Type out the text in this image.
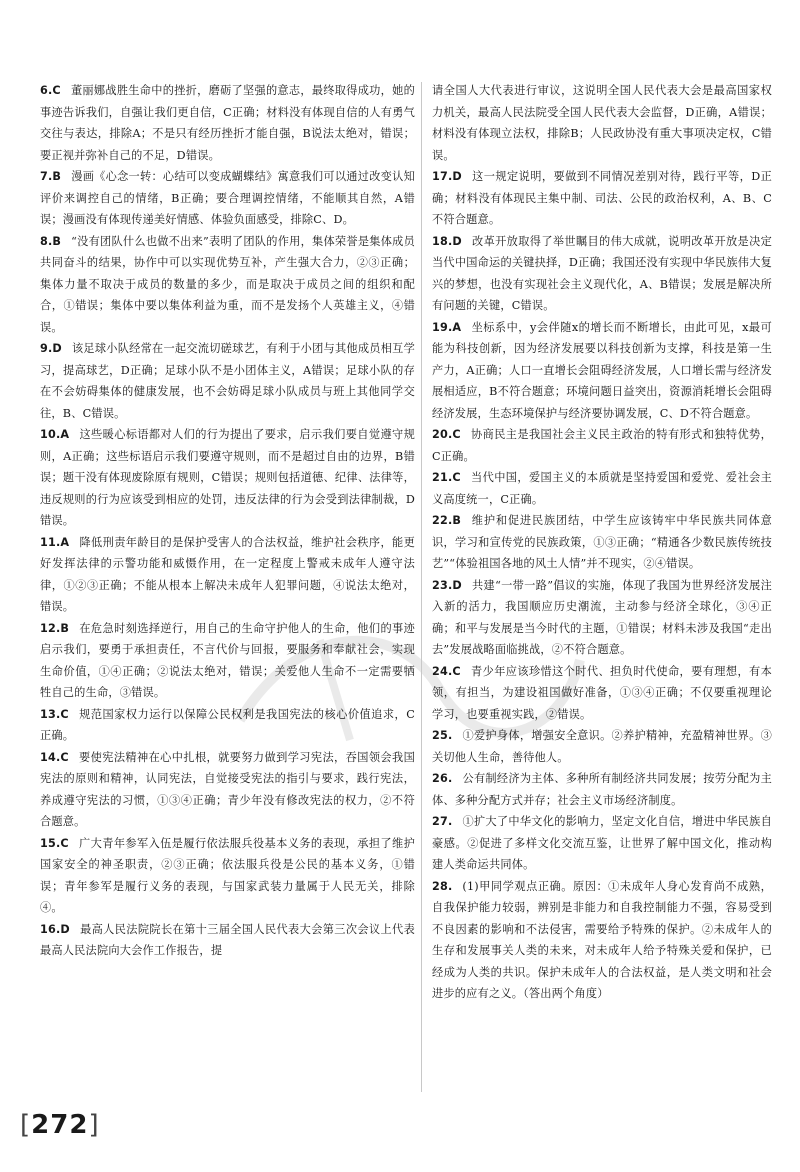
6.C 董丽娜战胜生命中的挫折，磨砺了坚强的意志，最终取得成功，她的事迹告诉我们，自强让我们更自信，C正确；材料没有体现自信的人有勇气交往与表达，排除A；不是只有经历挫折才能自强，B说法太绝对，错误；要正视并弥补自己的不足，D错误。
7.B 漫画《心念一转：心结可以变成蝴蝶结》寓意我们可以通过改变认知评价来调控自己的情绪，B正确；要合理调控情绪，不能顺其自然，A错误；漫画没有体现传递美好情感、体验负面感受，排除C、D。
8.B “没有团队什么也做不出来”表明了团队的作用，集体荣誉是集体成员共同奋斗的结果，协作中可以实现优势互补，产生强大合力，②③正确；集体力量不取决于成员的数量的多少，而是取决于成员之间的组织和配合，①错误；集体中要以集体利益为重，而不是发扬个人英雄主义，④错误。
9.D 该足球小队经常在一起交流切磋球艺，有利于小团与其他成员相互学习，提高球艺，D正确；足球小队不是小团体主义，A错误；足球小队的存在不会妨碍集体的健康发展，也不会妨碍足球小队成员与班上其他同学交往，B、C错误。
10.A 这些暖心标语都对人们的行为提出了要求，启示我们要自觉遵守规则，A正确；这些标语启示我们要遵守规则，而不是超过自由的边界，B错误；题干没有体现废除原有规则，C错误；规则包括道德、纪律、法律等，违反规则的行为应该受到相应的处罚，违反法律的行为会受到法律制裁，D错误。
11.A 降低刑责年龄目的是保护受害人的合法权益，维护社会秩序，能更好发挥法律的示警功能和威慑作用，在一定程度上警戒未成年人遵守法律，①②③正确；不能从根本上解决未成年人犯罪问题，④说法太绝对，错误。
12.B 在危急时刻选择逆行，用自己的生命守护他人的生命，他们的事迹启示我们，要勇于承担责任，不言代价与回报，要服务和奉献社会，实现生命价值，①④正确；②说法太绝对，错误；关爱他人生命不一定需要牺牲自己的生命，③错误。
13.C 规范国家权力运行以保障公民权利是我国宪法的核心价值追求，C正确。
14.C 要使宪法精神在心中扎根，就要努力做到学习宪法，吞国领会我国宪法的原则和精神，认同宪法，自觉接受宪法的指引与要求，践行宪法，养成遵守宪法的习惯，①③④正确；青少年没有修改宪法的权力，②不符合题意。
15.C 广大青年参军入伍是履行依法服兵役基本义务的表现，承担了维护国家安全的神圣职责，②③正确；依法服兵役是公民的基本义务，①错误；青年参军是履行义务的表现，与国家武装力量属于人民无关，排除④。
16.D 最高人民法院院长在第十三届全国人民代表大会第三次会议上代表最高人民法院向大会作工作报告，提
请全国人大代表进行审议，这说明全国人民代表大会是最高国家权力机关，最高人民法院受全国人民代表大会监督，D正确，A错误；材料没有体现立法权，排除B；人民政协没有重大事项决定权，C错误。
17.D 这一规定说明，要做到不同情况差别对待，践行平等，D正确；材料没有体现民主集中制、司法、公民的政治权利，A、B、C不符合题意。
18.D 改革开放取得了举世瞩目的伟大成就，说明改革开放是决定当代中国命运的关键抉择，D正确；我国还没有实现中华民族伟大复兴的梦想，也没有实现社会主义现代化，A、B错误；发展是解决所有问题的关键，C错误。
19.A 坐标系中，y会伴随x的增长而不断增长，由此可见，x最可能为科技创新，因为经济发展要以科技创新为支撑，科技是第一生产力，A正确；人口一直增长会阻碍经济发展，人口增长需与经济发展相适应，B不符合题意；环境问题日益突出，资源消耗增长会阻碍经济发展，生态环境保护与经济要协调发展，C、D不符合题意。
20.C 协商民主是我国社会主义民主政治的特有形式和独特优势，C正确。
21.C 当代中国，爱国主义的本质就是坚持爱国和爱党、爱社会主义高度统一，C正确。
22.B 维护和促进民族团结，中学生应该铸牢中华民族共同体意识，学习和宣传党的民族政策，①③正确；“精通各少数民族传统技艺”“体验祖国各地的风土人情”并不现实，②④错误。
23.D 共建“一带一路”倡议的实施，体现了我国为世界经济发展注入新的活力，我国顺应历史潮流，主动参与经济全球化，③④正确；和平与发展是当今时代的主题，①错误；材料未涉及我国“走出去”发展战略面临挑战，②不符合题意。
24.C 青少年应该珍惜这个时代、担负时代使命，要有理想，有本领，有担当，为建设祖国做好准备，①③④正确；不仅要重视理论学习，也要重视实践，②错误。
25. ①爱护身体，增强安全意识。②养护精神，充盈精神世界。③关切他人生命，善待他人。
26. 公有制经济为主体、多种所有制经济共同发展；按劳分配为主体、多种分配方式并存；社会主义市场经济制度。
27. ①扩大了中华文化的影响力，坚定文化自信，增进中华民族自豪感。②促进了多样文化交流互鉴，让世界了解中国文化，推动构建人类命运共同体。
28. (1)甲同学观点正确。原因：①未成年人身心发育尚不成熟，自我保护能力较弱，辨别是非能力和自我控制能力不强，容易受到不良因素的影响和不法侵害，需要给予特殊的保护。②未成年人的生存和发展事关人类的未来，对未成年人给予特殊关爱和保护，已经成为人类的共识。保护未成年人的合法权益，是人类文明和社会进步的应有之义。（答出两个角度）
[272]
